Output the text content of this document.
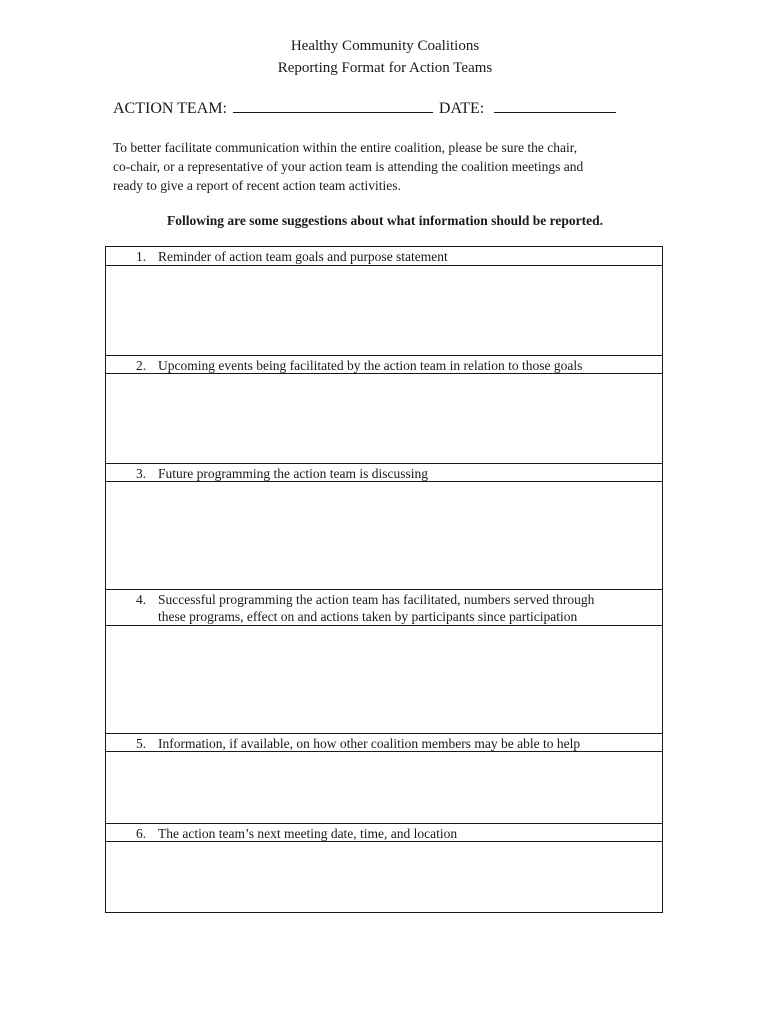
Healthy Community Coalitions
Reporting Format for Action Teams
ACTION TEAM:	DATE:
To better facilitate communication within the entire coalition, please be sure the chair,
co-chair, or a representative of your action team is attending the coalition meetings and
ready to give a report of recent action team activities.
Following are some suggestions about what information should be reported.
1. Reminder of action team goals and purpose statement
2. Upcoming events being facilitated by the action team in relation to those goals
3. Future programming the action team is discussing
4. Successful programming the action team has facilitated, numbers served through
these programs, effect on and actions taken by participants since participation
5. Information, if available, on how other coalition members may be able to help
6. The action team’s next meeting date, time, and location
